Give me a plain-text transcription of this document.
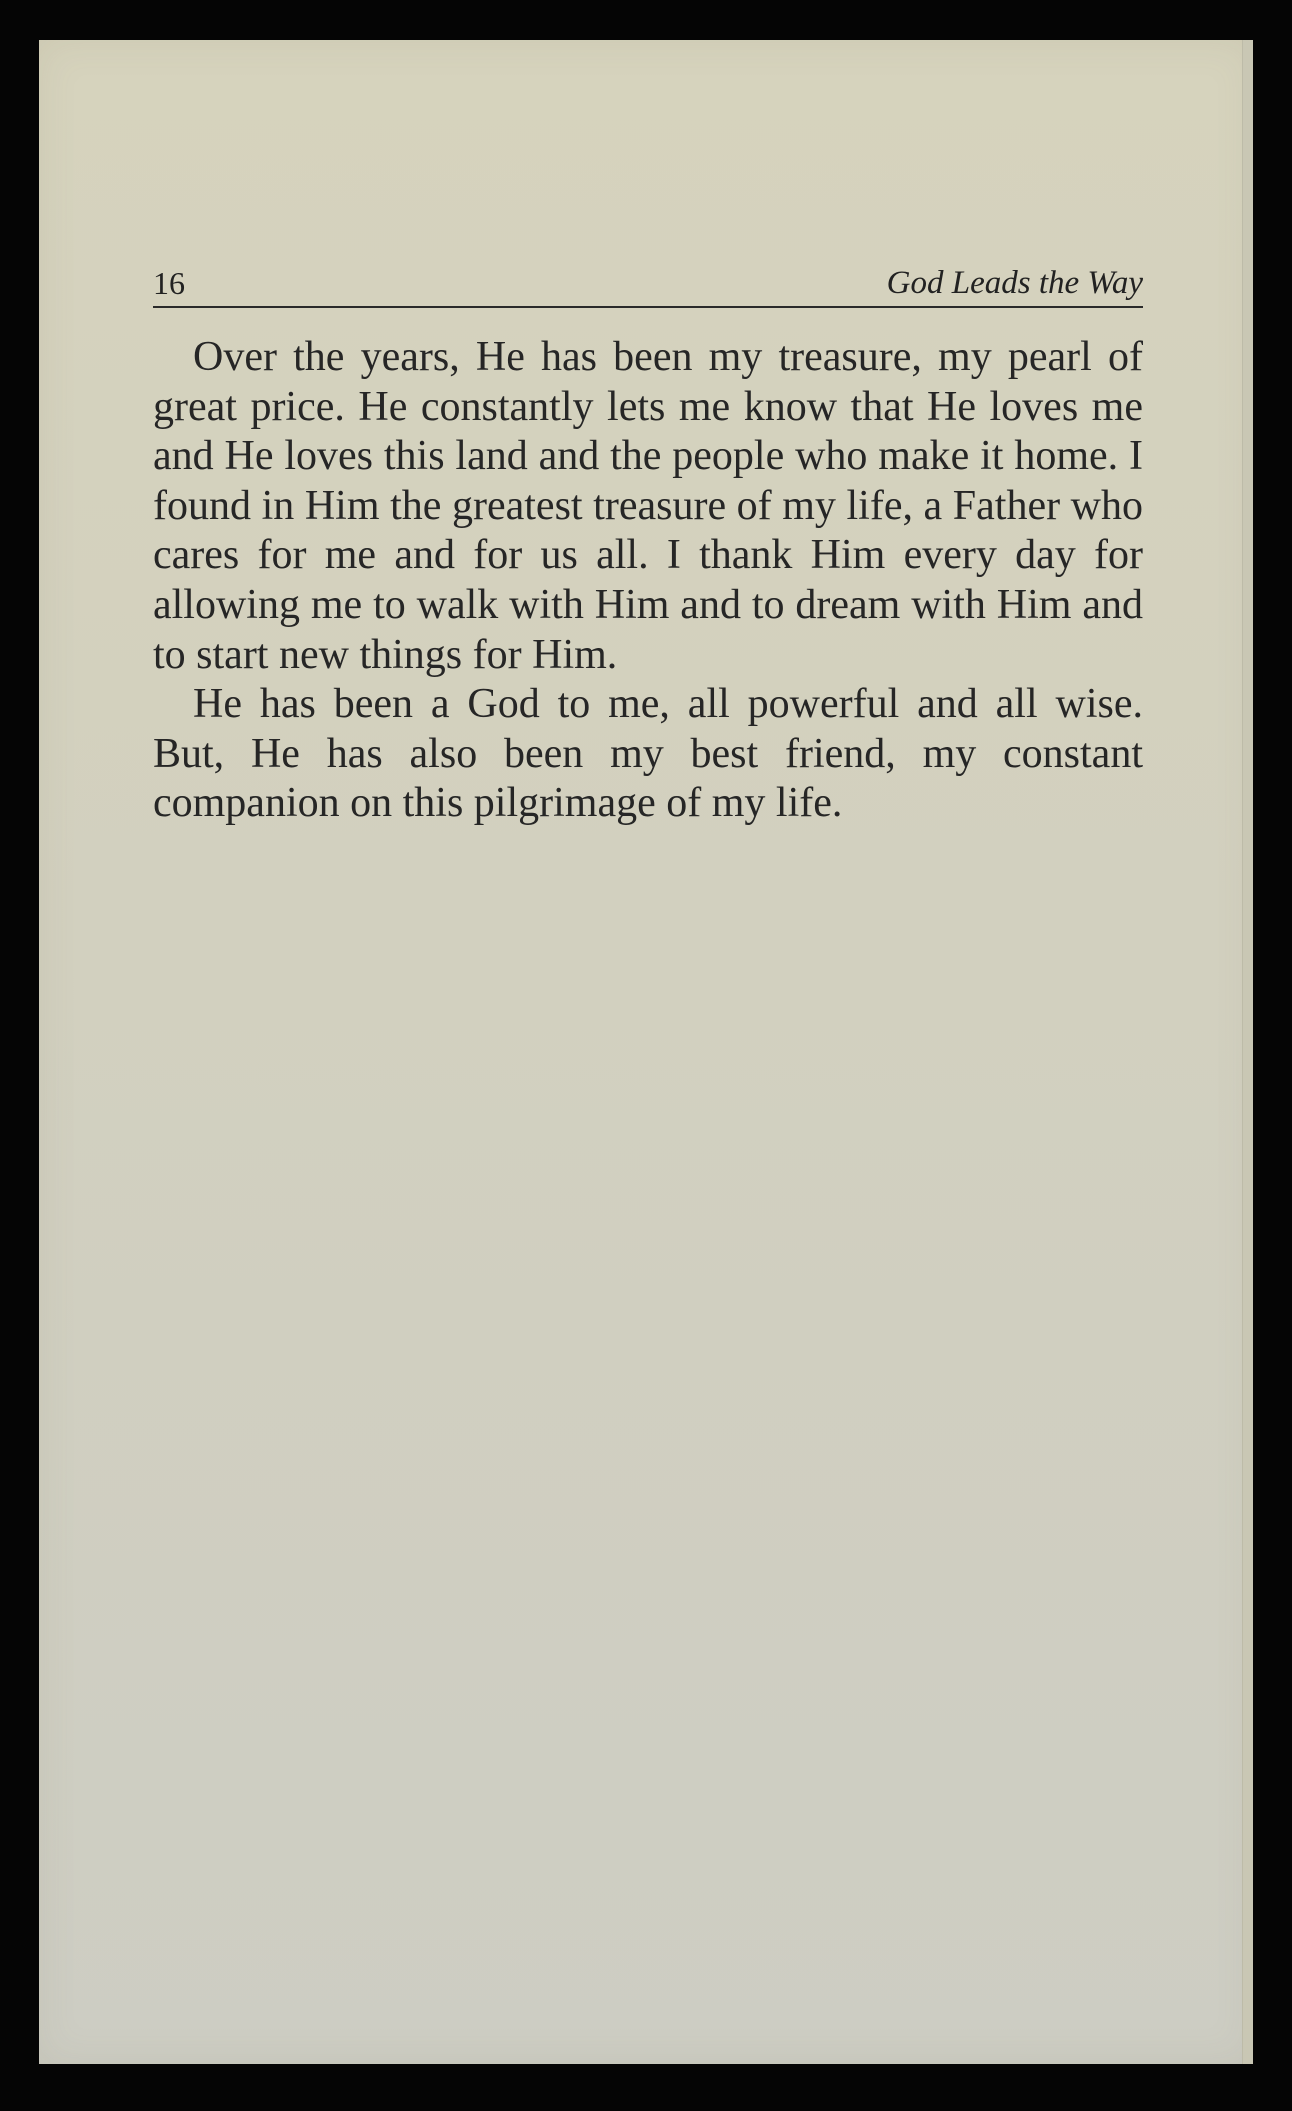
16	God Leads the Way

Over the years, He has been my treasure, my pearl of great price. He constantly lets me know that He loves me and He loves this land and the people who make it home. I found in Him the greatest treasure of my life, a Father who cares for me and for us all. I thank Him every day for allowing me to walk with Him and to dream with Him and to start new things for Him.

He has been a God to me, all powerful and all wise. But, He has also been my best friend, my constant companion on this pilgrimage of my life.
